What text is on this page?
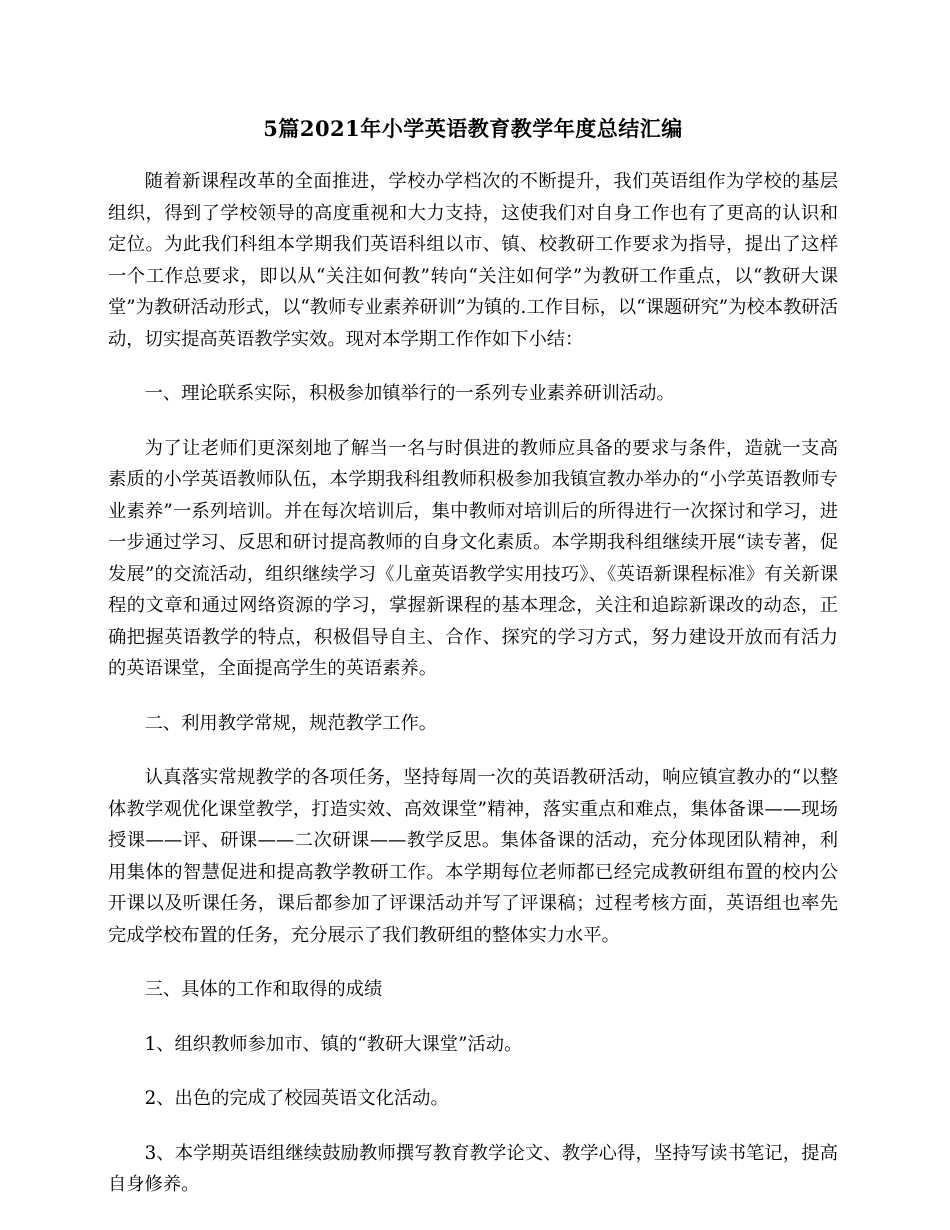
5篇2021年小学英语教育教学年度总结汇编

随着新课程改革的全面推进，学校办学档次的不断提升，我们英语组作为学校的基层组织，得到了学校领导的高度重视和大力支持，这使我们对自身工作也有了更高的认识和定位。为此我们科组本学期我们英语科组以市、镇、校教研工作要求为指导，提出了这样一个工作总要求，即以从“关注如何教”转向“关注如何学”为教研工作重点，以“教研大课堂”为教研活动形式，以“教师专业素养研训”为镇的.工作目标，以“课题研究”为校本教研活动，切实提高英语教学实效。现对本学期工作作如下小结：

一、理论联系实际，积极参加镇举行的一系列专业素养研训活动。

为了让老师们更深刻地了解当一名与时俱进的教师应具备的要求与条件，造就一支高素质的小学英语教师队伍，本学期我科组教师积极参加我镇宣教办举办的“小学英语教师专业素养”一系列培训。并在每次培训后，集中教师对培训后的所得进行一次探讨和学习，进一步通过学习、反思和研讨提高教师的自身文化素质。本学期我科组继续开展“读专著，促发展”的交流活动，组织继续学习《儿童英语教学实用技巧》、《英语新课程标准》有关新课程的文章和通过网络资源的学习，掌握新课程的基本理念，关注和追踪新课改的动态，正确把握英语教学的特点，积极倡导自主、合作、探究的学习方式，努力建设开放而有活力的英语课堂，全面提高学生的英语素养。

二、利用教学常规，规范教学工作。

认真落实常规教学的各项任务，坚持每周一次的英语教研活动，响应镇宣教办的“以整体教学观优化课堂教学，打造实效、高效课堂”精神，落实重点和难点，集体备课——现场授课——评、研课——二次研课——教学反思。集体备课的活动，充分体现团队精神，利用集体的智慧促进和提高教学教研工作。本学期每位老师都已经完成教研组布置的校内公开课以及听课任务，课后都参加了评课活动并写了评课稿；过程考核方面，英语组也率先完成学校布置的任务，充分展示了我们教研组的整体实力水平。

三、具体的工作和取得的成绩

1、组织教师参加市、镇的“教研大课堂”活动。

2、出色的完成了校园英语文化活动。

3、本学期英语组继续鼓励教师撰写教育教学论文、教学心得，坚持写读书笔记，提高自身修养。
